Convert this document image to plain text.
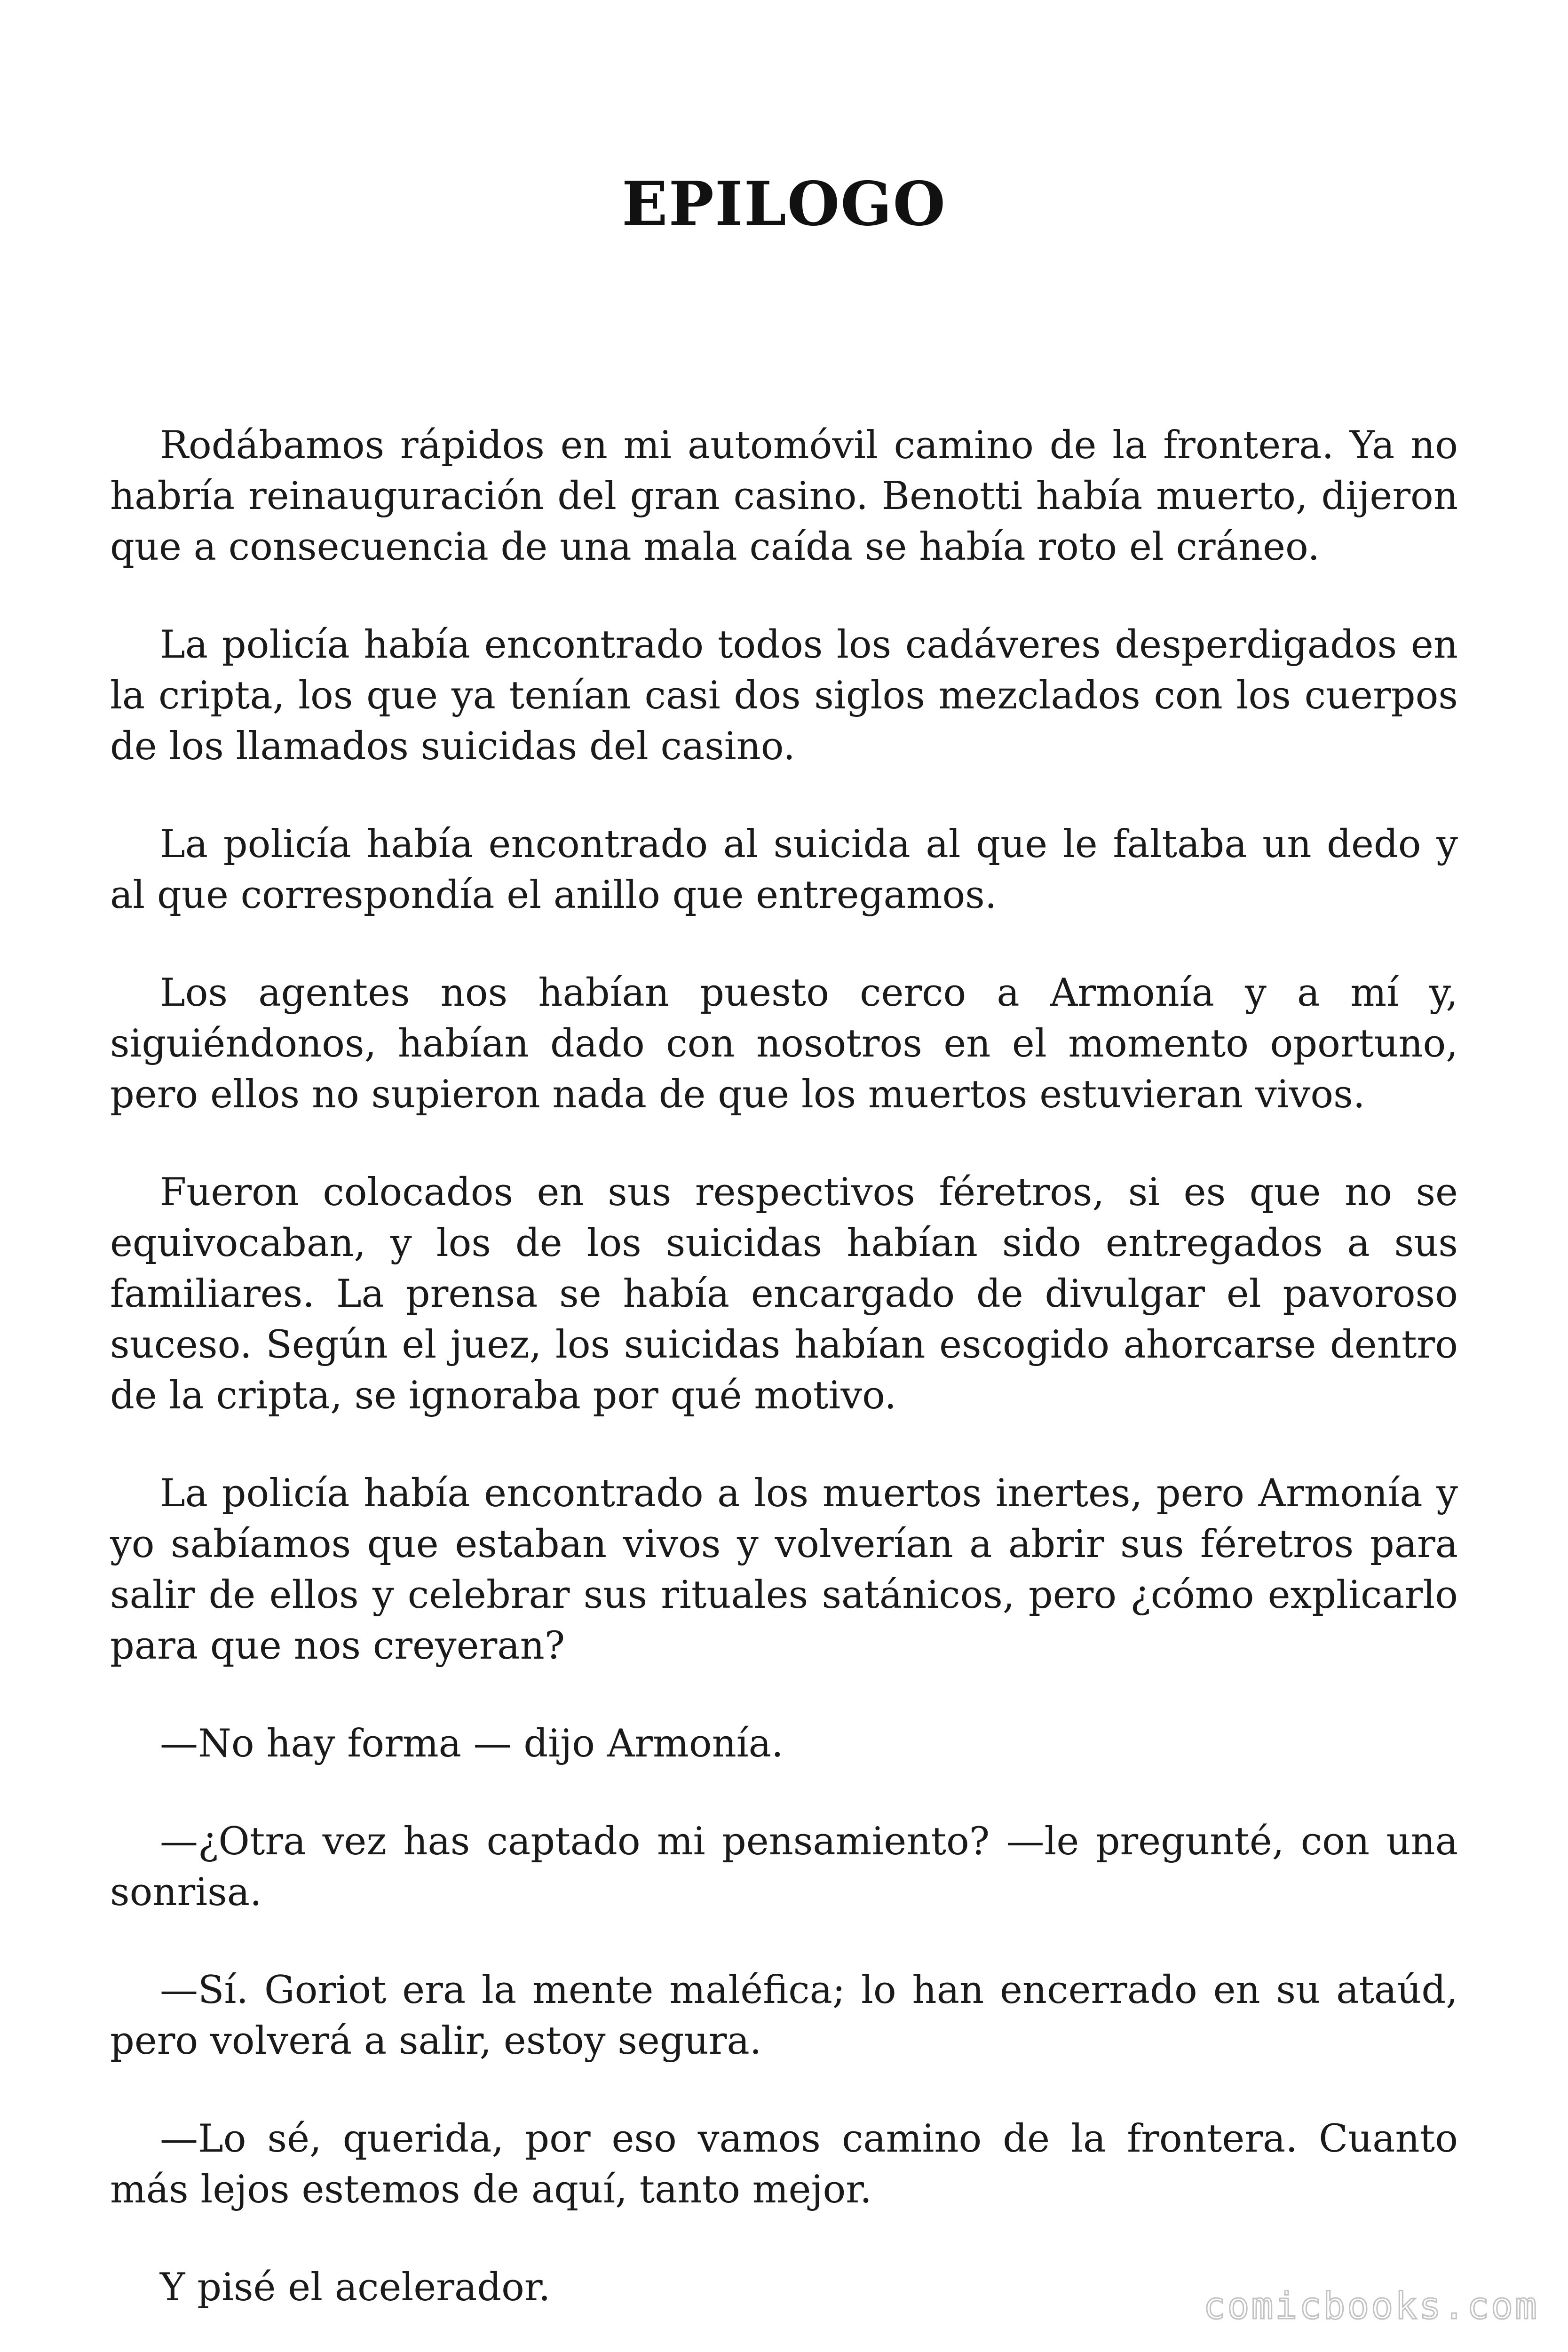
EPILOGO

Rodábamos rápidos en mi automóvil camino de la frontera. Ya no habría reinauguración del gran casino. Benotti había muerto, dijeron que a consecuencia de una mala caída se había roto el cráneo.

La policía había encontrado todos los cadáveres desperdigados en la cripta, los que ya tenían casi dos siglos mezclados con los cuerpos de los llamados suicidas del casino.

La policía había encontrado al suicida al que le faltaba un dedo y al que correspondía el anillo que entregamos.

Los agentes nos habían puesto cerco a Armonía y a mí y, siguiéndonos, habían dado con nosotros en el momento oportuno, pero ellos no supieron nada de que los muertos estuvieran vivos.

Fueron colocados en sus respectivos féretros, si es que no se equivocaban, y los de los suicidas habían sido entregados a sus familiares. La prensa se había encargado de divulgar el pavoroso suceso. Según el juez, los suicidas habían escogido ahorcarse dentro de la cripta, se ignoraba por qué motivo.

La policía había encontrado a los muertos inertes, pero Armonía y yo sabíamos que estaban vivos y volverían a abrir sus féretros para salir de ellos y celebrar sus rituales satánicos, pero ¿cómo explicarlo para que nos creyeran?

—No hay forma — dijo Armonía.

—¿Otra vez has captado mi pensamiento? —le pregunté, con una sonrisa.

—Sí. Goriot era la mente maléfica; lo han encerrado en su ataúd, pero volverá a salir, estoy segura.

—Lo sé, querida, por eso vamos camino de la frontera. Cuanto más lejos estemos de aquí, tanto mejor.

Y pisé el acelerador.	comicbooks.com
